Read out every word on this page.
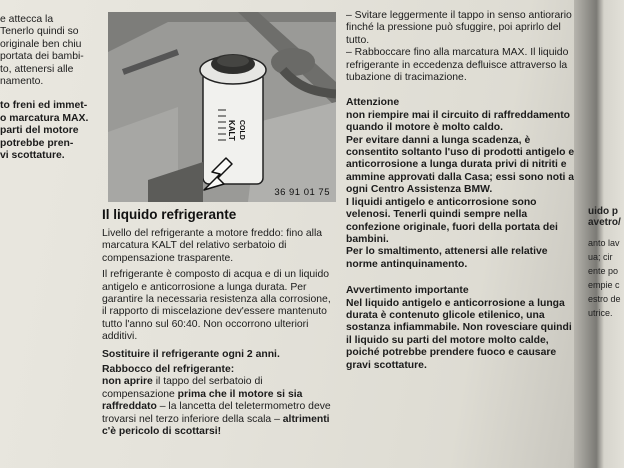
e attecca la

Tenerlo quindi so

originale ben chiu

portata dei bambi-

to, attenersi alle

namento.

to freni ed immet-

o marcatura MAX.

parti del motore

potrebbe pren-

vi scottature.

KALT COLD
36 91 01 75
Il liquido refrigerante

Livello del refrigerante a motore freddo: fino alla marcatura KALT del relativo serbatoio di compensazione trasparente.

Il refrigerante è composto di acqua e di un liquido antigelo e anticorrosione a lunga durata. Per garantire la necessaria resistenza alla corrosione, il rapporto di miscelazione dev'essere mantenuto tutto l'anno sul 60:40. Non occorrono ulteriori additivi.

Sostituire il refrigerante ogni 2 anni.

Rabbocco del refrigerante:

non aprire il tappo del serbatoio di compensazione prima che il motore si sia raffreddato – la lancetta del teletermometro deve trovarsi nel terzo inferiore della scala – altrimenti c'è pericolo di scottarsi!

– Svitare leggermente il tappo in senso antiorario finché la pressione può sfuggire, poi aprirlo del tutto.

– Rabboccare fino alla marcatura MAX. Il liquido refrigerante in eccedenza defluisce attraverso la tubazione di tracimazione.

Attenzione

non riempire mai il circuito di raffreddamento quando il motore è molto caldo.

Per evitare danni a lunga scadenza, è consentito soltanto l'uso di prodotti antigelo e anticorrosione a lunga durata privi di nitriti e ammine approvati dalla Casa; essi sono noti a ogni Centro Assistenza BMW.

I liquidi antigelo e anticorrosione sono velenosi. Tenerli quindi sempre nella confezione originale, fuori della portata dei bambini.

Per lo smaltimento, attenersi alle relative norme antinquinamento.

Avvertimento importante

Nel liquido antigelo e anticorrosione a lunga durata è contenuto glicole etilenico, una sostanza infiammabile. Non rovesciare quindi il liquido su parti del motore molto calde, poiché potrebbe prendere fuoco e causare gravi scottature.

uido p

avetro/

anto lav

ua; cir

ente po

empie c

estro de

utrice.
